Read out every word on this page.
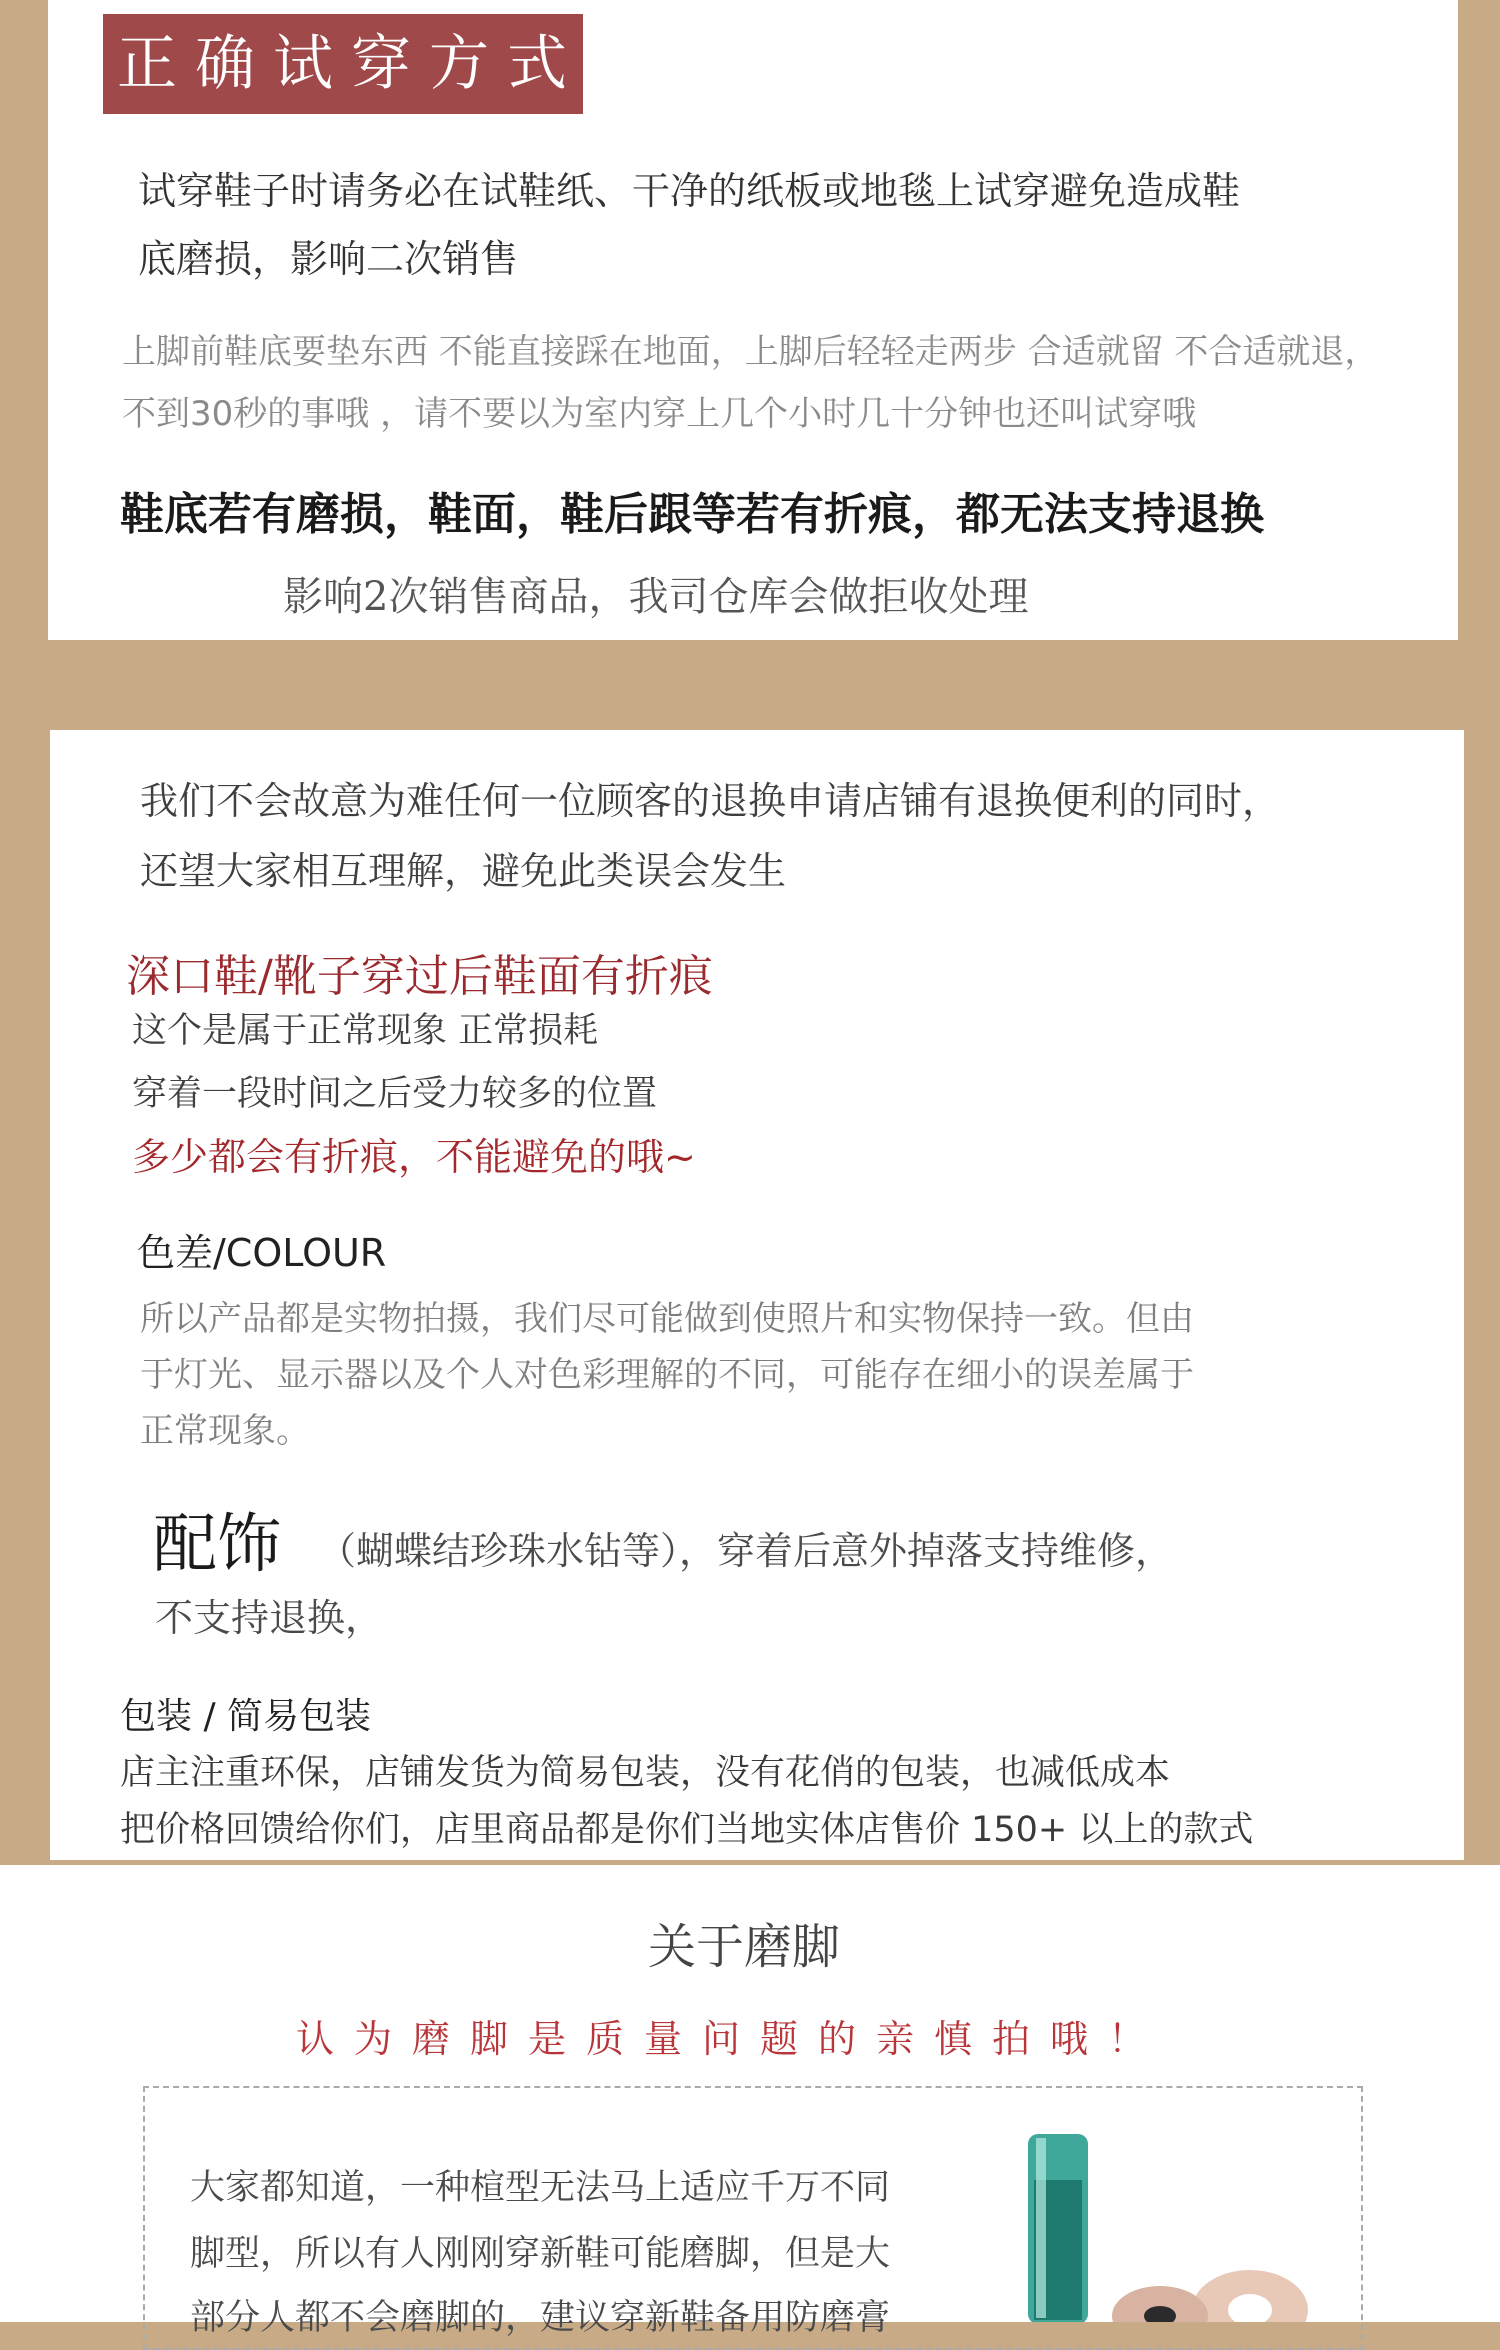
正确试穿方式
试穿鞋子时请务必在试鞋纸、干净的纸板或地毯上试穿避免造成鞋
底磨损，影响二次销售
上脚前鞋底要垫东西 不能直接踩在地面，上脚后轻轻走两步 合适就留 不合适就退，
不到30秒的事哦 ，请不要以为室内穿上几个小时几十分钟也还叫试穿哦
鞋底若有磨损，鞋面，鞋后跟等若有折痕，都无法支持退换
影响2次销售商品，我司仓库会做拒收处理
我们不会故意为难任何一位顾客的退换申请店铺有退换便利的同时，
还望大家相互理解，避免此类误会发生
深口鞋/靴子穿过后鞋面有折痕
这个是属于正常现象 正常损耗
穿着一段时间之后受力较多的位置
多少都会有折痕，不能避免的哦~
色差/COLOUR
所以产品都是实物拍摄，我们尽可能做到使照片和实物保持一致。但由
于灯光、显示器以及个人对色彩理解的不同，可能存在细小的误差属于
正常现象。
配饰 （蝴蝶结珍珠水钻等），穿着后意外掉落支持维修，
不支持退换，
包装 / 简易包装
店主注重环保，店铺发货为简易包装，没有花俏的包装，也减低成本
把价格回馈给你们，店里商品都是你们当地实体店售价 150+ 以上的款式
关于磨脚
认为磨脚是质量问题的亲慎拍哦！
大家都知道，一种楦型无法马上适应千万不同
脚型，所以有人刚刚穿新鞋可能磨脚，但是大
部分人都不会磨脚的，建议穿新鞋备用防磨膏
